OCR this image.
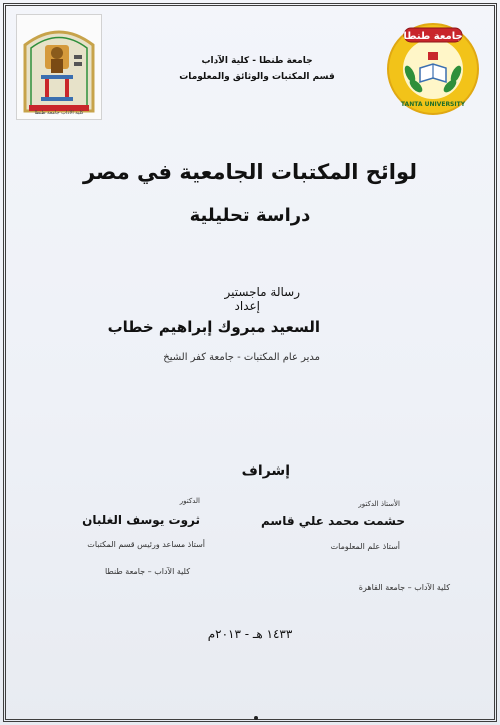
كلية الآداب جامعة طنطا
جامعة طنطا
TANTA UNIVERSITY
جامعة طنطا - كلية الآداب
قسم المكتبات والوثائق والمعلومات
لوائح المكتبات الجامعية في مصر
دراسة تحليلية
رسالة ماجستير
إعداد
السعيد مبروك إبراهيم خطاب
مدير عام المكتبات - جامعة كفر الشيخ
إشراف
الأستاذ الدكتور
حشمت محمد علي قاسم
أستاذ علم المعلومات
كلية الآداب – جامعة القاهرة
الدكتور
ثروت يوسف الغلبان
أستاذ مساعد ورئيس قسم المكتبات
كلية الآداب – جامعة طنطا
١٤٣٣ هـ - ٢٠١٣م
